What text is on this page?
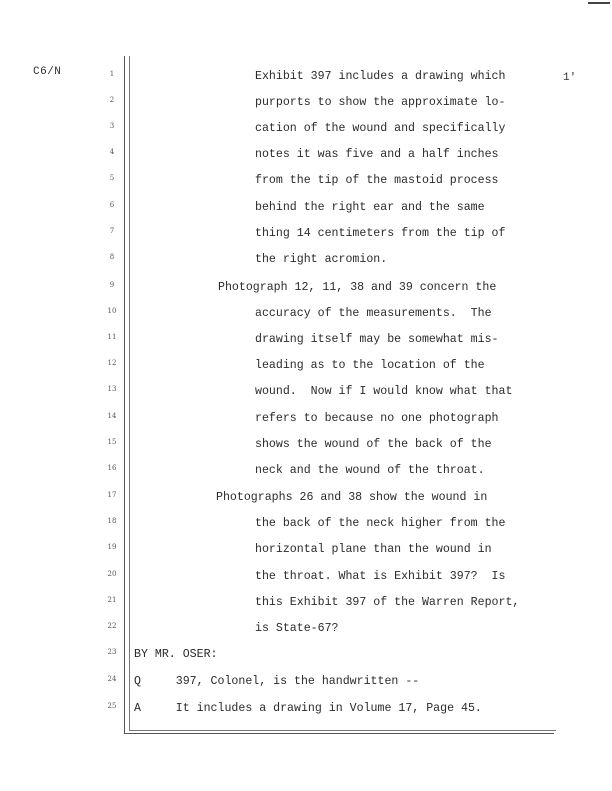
C6/N	1'
1
2
3
4
5
6
7
8
9
10
11
12
13
14
15
16
17
18
19
20
21
22
23
24
25
Exhibit 397 includes a drawing which
purports to show the approximate lo-
cation of the wound and specifically
notes it was five and a half inches
from the tip of the mastoid process
behind the right ear and the same
thing 14 centimeters from the tip of
the right acromion.
Photograph 12, 11, 38 and 39 concern the
accuracy of the measurements.  The
drawing itself may be somewhat mis-
leading as to the location of the
wound.  Now if I would know what that
refers to because no one photograph
shows the wound of the back of the
neck and the wound of the throat.
Photographs 26 and 38 show the wound in
the back of the neck higher from the
horizontal plane than the wound in
the throat. What is Exhibit 397?  Is
this Exhibit 397 of the Warren Report,
is State-67?
BY MR. OSER:
Q     397, Colonel, is the handwritten --
A     It includes a drawing in Volume 17, Page 45.
